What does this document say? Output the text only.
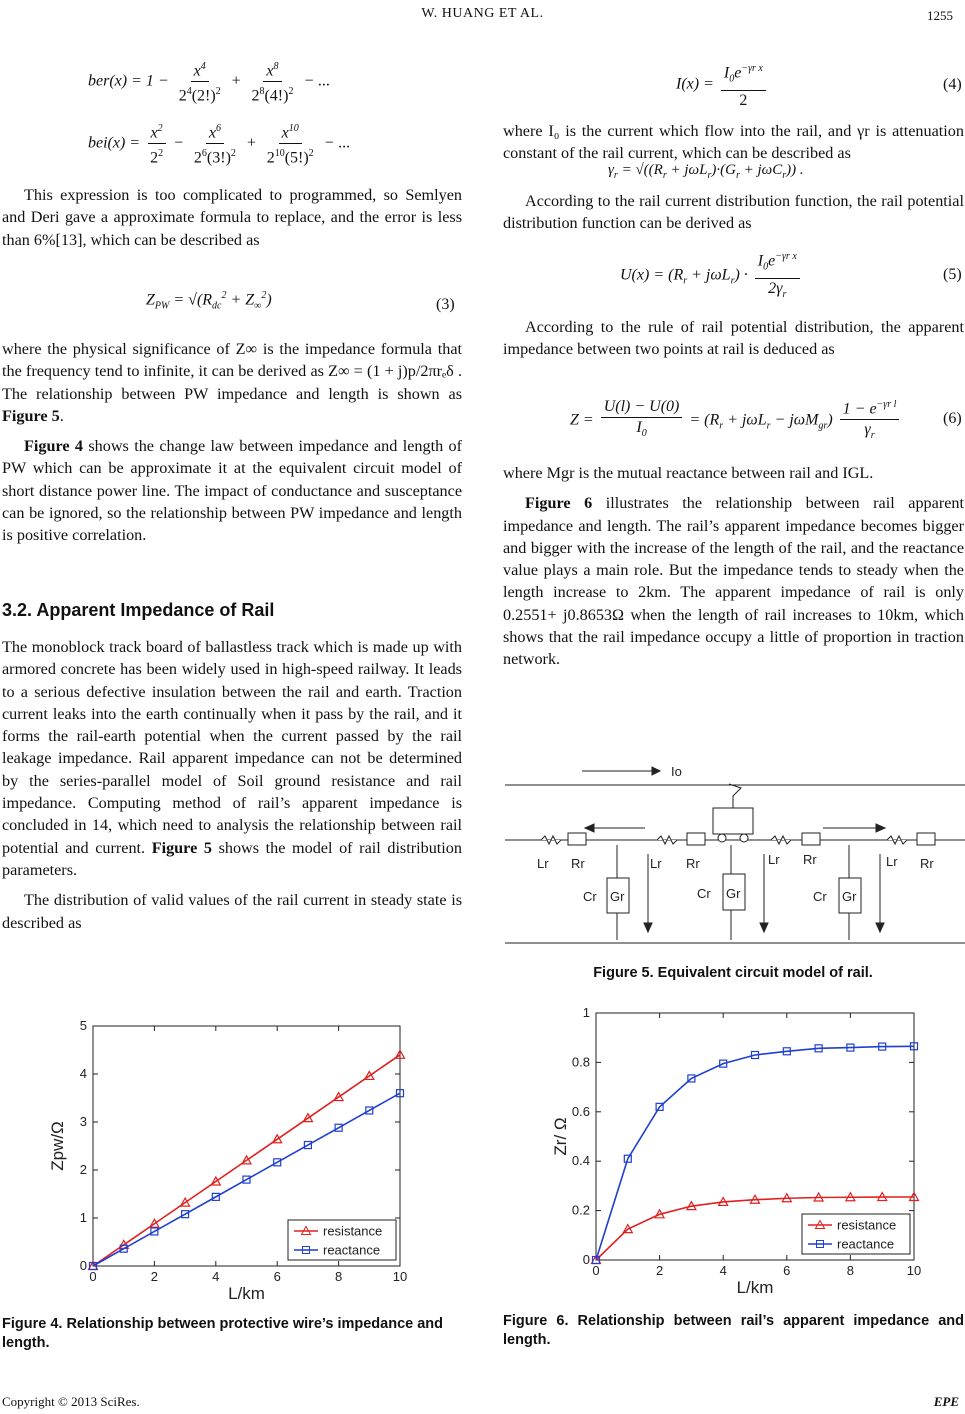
W. HUANG ET AL.	1255
$ber(x) = 1 - \frac{x^4}{2^4(2!)^2} + \frac{x^8}{2^8(4!)^2}$ − ...
$bei(x) = \frac{x^2}{2^2} - \frac{x^6}{2^6(3!)^2} + \frac{x^{10}}{2^{10}(5!)^2}$ − ...

This expression is too complicated to programmed, so Semlyen and Deri gave a approximate formula to replace, and the error is less than 6%[13], which can be described as

$Z_{PW} = √(R_{dc}^2 + Z_\infty^2)$	(3)

where the physical significance of Z∞ is the impedance formula that the frequency tend to infinite, it can be derived as Z∞ = (1 + j)p/2πrₑδ . The relationship between PW impedance and length is shown as Figure 5.

Figure 4 shows the change law between impedance and length of PW which can be approximate it at the equivalent circuit model of short distance power line. The impact of conductance and susceptance can be ignored, so the relationship between PW impedance and length is positive correlation.

3.2. Apparent Impedance of Rail

The monoblock track board of ballastless track which is made up with armored concrete has been widely used in high-speed railway. It leads to a serious defective insulation between the rail and earth. Traction current leaks into the earth continually when it pass by the rail, and it forms the rail-earth potential when the current passed by the rail leakage impedance. Rail apparent impedance can not be determined by the series-parallel model of Soil ground resistance and rail impedance. Computing method of rail’s apparent impedance is concluded in 14, which need to analysis the relationship between rail potential and current. Figure 5 shows the model of rail distribution parameters.

The distribution of valid values of the rail current in steady state is described as

0	2	4	6	8	10
0
1
2
3
4
5
L/km
Zpw/Ω
resistance
reactance
Figure 4. Relationship between protective wire’s impedance and length.
$I(x) = \frac{I_0e^{-\gamma r x}}{2}$	(4)

where I₀ is the current which flow into the rail, and γr is attenuation constant of the rail current, which can be described as

$\gamma_r = √((R_r + j\omega L_r)\cdot(G_r + j\omega C_r))$ .

According to the rail current distribution function, the rail potential distribution function can be derived as

$U(x) = (R_r + j\omega L_r) \cdot \frac{I_0e^{-\gamma r x}}{2\gamma_r}$	(5)

According to the rule of rail potential distribution, the apparent impedance between two points at rail is deduced as

$Z = \frac{U(l) - U(0)}{I_0} = (R_r + j\omega L_r - j\omega M_{gr}) \frac{1 - e^{-\gamma r l}}{\gamma_r}$	(6)

where Mgr is the mutual reactance between rail and IGL.

Figure 6 illustrates the relationship between rail apparent impedance and length. The rail’s apparent impedance becomes bigger and bigger with the increase of the length of the rail, and the reactance value plays a main role. But the impedance tends to steady when the length increase to 2km. The apparent impedance of rail is only 0.2551+ j0.8653Ω when the length of rail increases to 10km, which shows that the rail impedance occupy a little of proportion in traction network.

Io
Lr Rr	Lr Rr	Lr Rr	Lr Rr
Cr Gr	Cr Gr	Cr Gr
Figure 5. Equivalent circuit model of rail.
0	2	4	6	8	10
0
0.2
0.4
0.6
0.8
1
L/km
Zr/ Ω
resistance
reactance
Figure 6. Relationship between rail’s apparent impedance and length.
Copyright © 2013 SciRes.	EPE
